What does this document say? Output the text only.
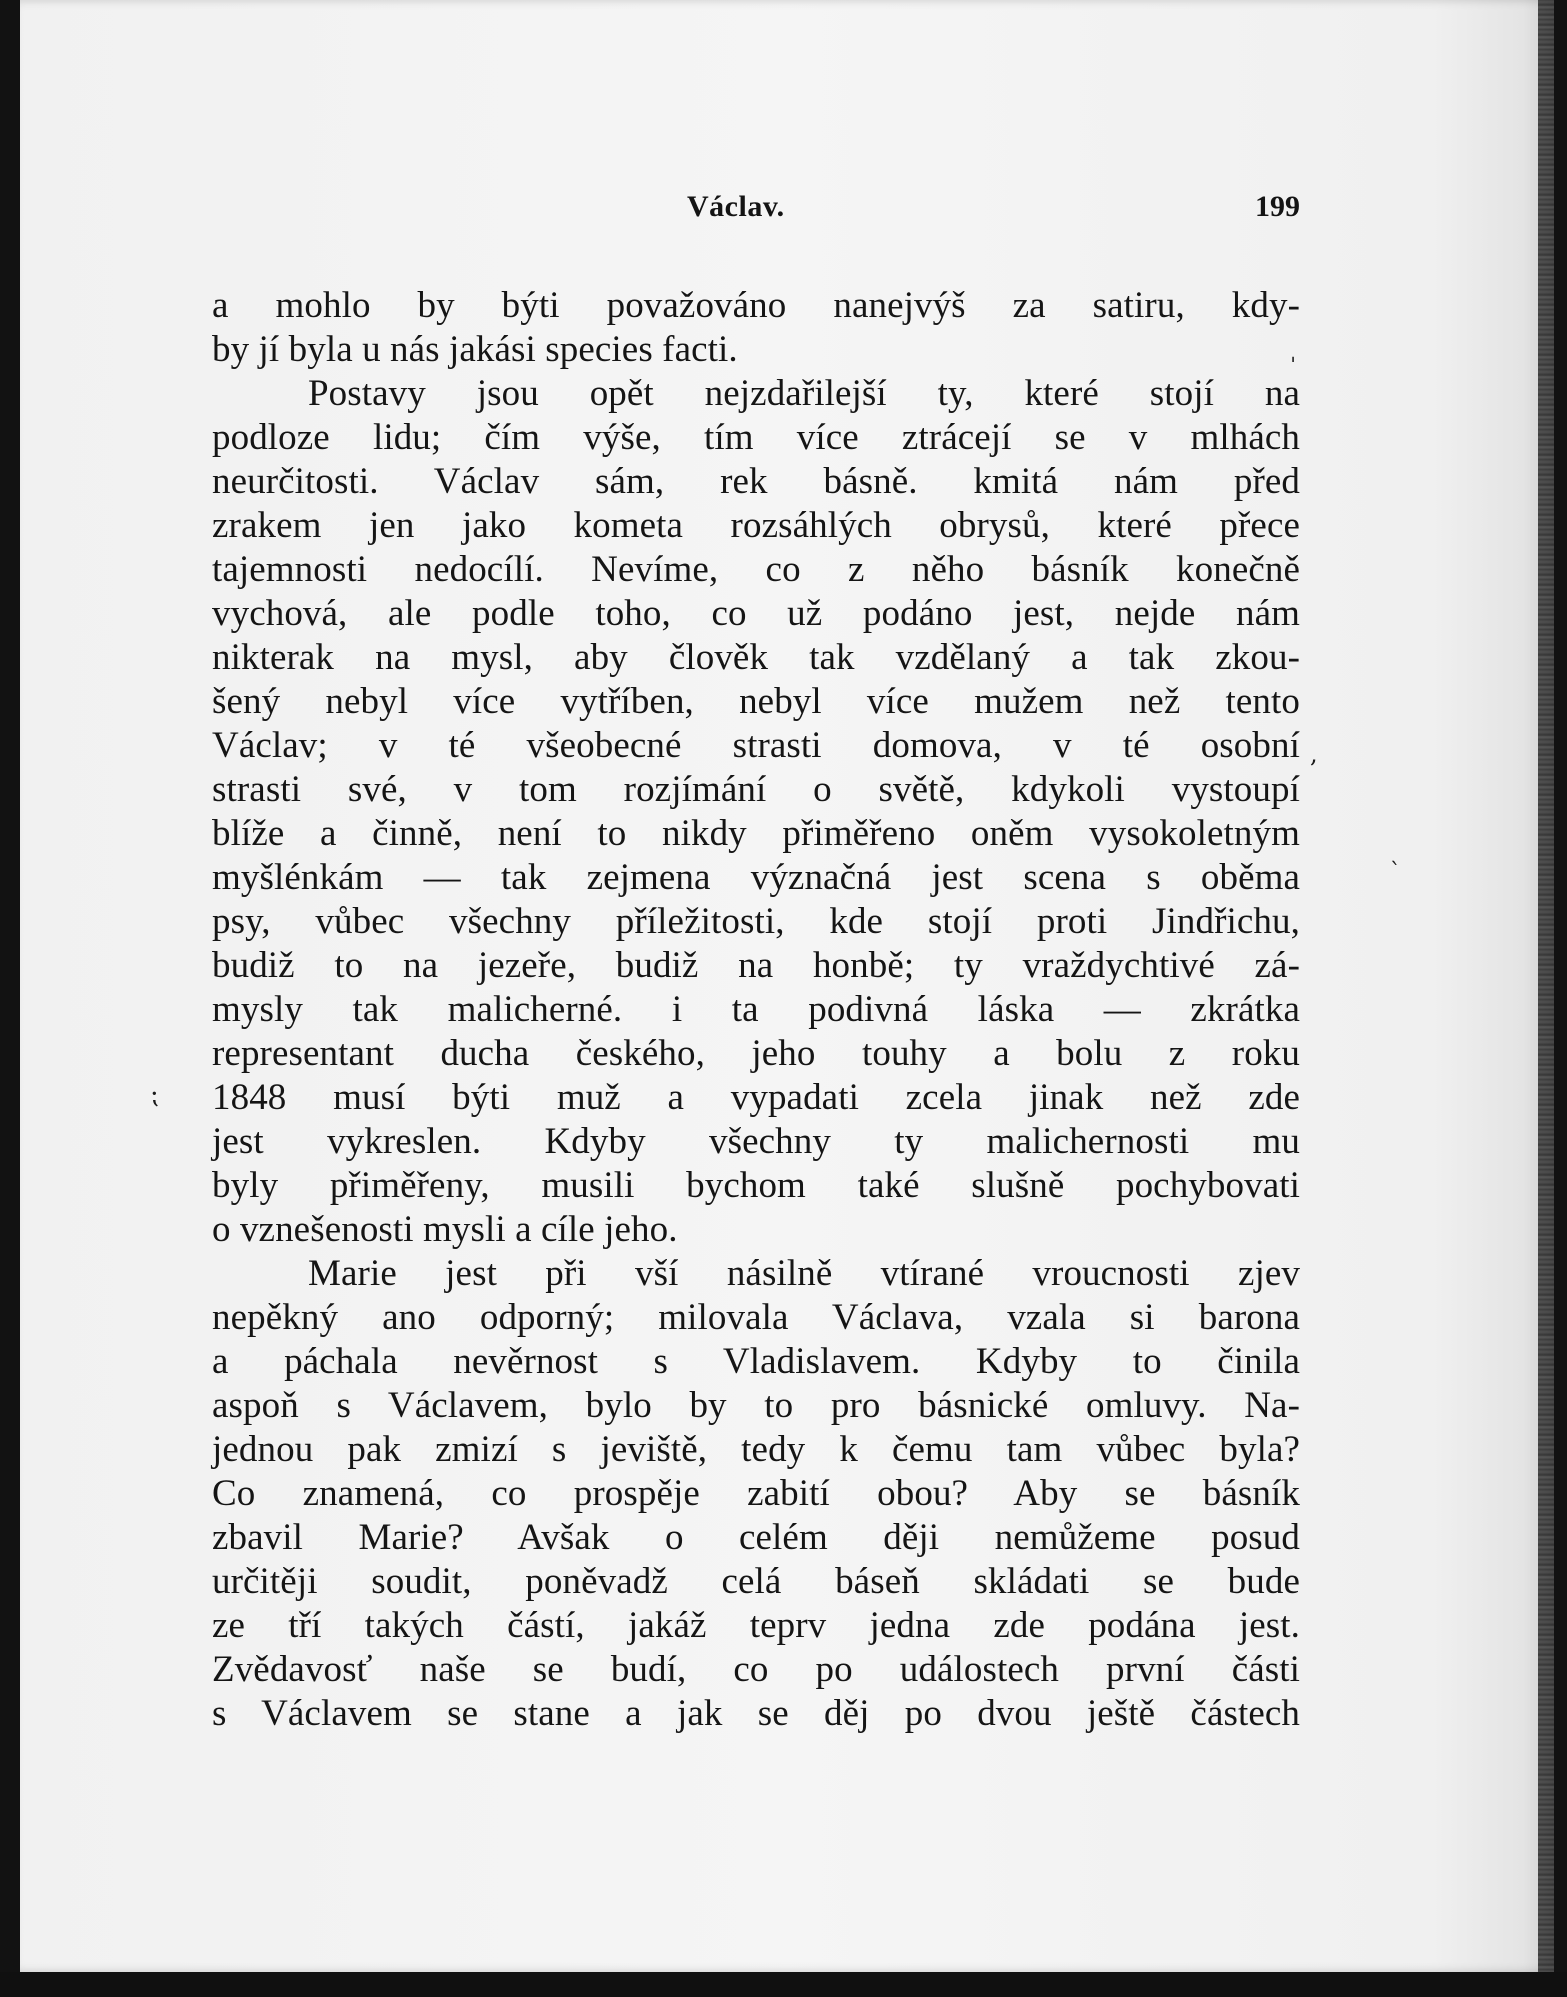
Václav.	199
a mohlo by býti považováno nanejvýš za satiru, kdy-
by jí byla u nás jakási species facti.
Postavy jsou opět nejzdařilejší ty, které stojí na
podloze lidu; čím výše, tím více ztrácejí se v mlhách
neurčitosti. Václav sám, rek básně. kmitá nám před
zrakem jen jako kometa rozsáhlých obrysů, které přece
tajemnosti nedocílí. Nevíme, co z něho básník konečně
vychová, ale podle toho, co už podáno jest, nejde nám
nikterak na mysl, aby člověk tak vzdělaný a tak zkou-
šený nebyl více vytříben, nebyl více mužem než tento
Václav; v té všeobecné strasti domova, v té osobní
strasti své, v tom rozjímání o světě, kdykoli vystoupí
blíže a činně, není to nikdy přiměřeno oněm vysokoletným
myšlénkám — tak zejmena význačná jest scena s oběma
psy, vůbec všechny příležitosti, kde stojí proti Jindřichu,
budiž to na jezeře, budiž na honbě; ty vraždychtivé zá-
mysly tak malicherné. i ta podivná láska — zkrátka
representant ducha českého, jeho touhy a bolu z roku
1848 musí býti muž a vypadati zcela jinak než zde
jest vykreslen. Kdyby všechny ty malichernosti mu
byly přiměřeny, musili bychom také slušně pochybovati
o vznešenosti mysli a cíle jeho.
Marie jest při vší násilně vtírané vroucnosti zjev
nepěkný ano odporný; milovala Václava, vzala si barona
a páchala nevěrnost s Vladislavem. Kdyby to činila
aspoň s Václavem, bylo by to pro básnické omluvy. Na-
jednou pak zmizí s jeviště, tedy k čemu tam vůbec byla?
Co znamená, co prospěje zabití obou? Aby se básník
zbavil Marie? Avšak o celém ději nemůžeme posud
určitěji soudit, poněvadž celá báseň skládati se bude
ze tří takých částí, jakáž teprv jedna zde podána jest.
Zvědavosť naše se budí, co po událostech první části
s Václavem se stane a jak se děj po dvou ještě částech
ˌ
,
ˋ
⁏
